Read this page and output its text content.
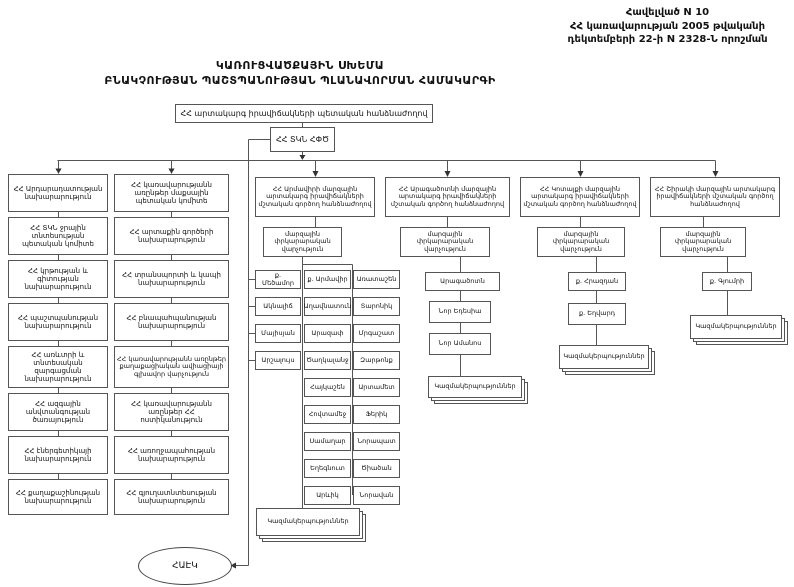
Հավելված N 10
ՀՀ կառավարության 2005 թվականի
դեկտեմբերի 22-ի N 2328-Ն որոշման
ԿԱՌՈՒՑՎԱԾՔԱՅԻՆ ՍԽԵՄԱ
ԲՆԱԿՉՈՒԹՅԱՆ ՊԱՇՏՊԱՆՈՒԹՅԱՆ ՊԼԱՆԱՎՈՐՄԱՆ ՀԱՄԱԿԱՐԳԻ
ՀՀ արտակարգ իրավիճակների պետական հանձնաժողով
ՀՀ ՏԿՆ ՀՓԾ
ՀՀ Արդարադատության նախարարություն
ՀՀ ՏԿՆ ջրային տնտեսության պետական կոմիտե
ՀՀ կրթության և գիտության նախարարություն
ՀՀ պաշտպանության նախարարություն
ՀՀ առևտրի և տնտեսական զարգացման նախարարություն
ՀՀ ազգային անվտանգության ծառայություն
ՀՀ էներգետիկայի նախարարություն
ՀՀ քաղաքաշինության նախարարություն
ՀՀ կառավարությանն առընթեր մաքսային պետական կոմիտե
ՀՀ արտաքին գործերի նախարարություն
ՀՀ տրանսպորտի և կապի նախարարություն
ՀՀ բնապահպանության նախարարություն
ՀՀ կառավարությանն առընթեր քաղաքացիական ավիացիայի գլխավոր վարչություն
ՀՀ կառավարությանն առընթեր ՀՀ ոստիկանություն
ՀՀ առողջապահության նախարարություն
ՀՀ գյուղատնտեսության նախարարություն
ՀՀ Արմավիրի մարզային արտակարգ իրավիճակների մշտական գործող հանձնաժողով
մարզային փրկարարական վարչություն
ք. Մեծամոր
Ակնալիճ
Մայիսյան
Արշալույս
ք. Արմավիր
Աղավնատուն
Արազափ
Ծաղկալանջ
Հայկաշեն
Հովտամեջ
Սամաղար
Եղեգնուտ
Արևիկ
Առատաշեն
Տարոնիկ
Մրգաշատ
Զարթոնք
Արտամետ
Ֆերիկ
Նորապատ
Ծիածան
Նորավան
Կազմակերպություններ
ՀՀ Արագածոտնի մարզային արտակարգ իրավիճակների մշտական գործող հանձնաժողով
մարզային փրկարարական վարչություն
Արագածոտն
Նոր Եդեսիա
Նոր Ամանոս
Կազմակերպություններ
ՀՀ Կոտայքի մարզային արտակարգ իրավիճակների մշտական գործող հանձնաժողով
մարզային փրկարարական վարչություն
ք. Հրազդան
ք. Եղվարդ
Կազմակերպություններ
ՀՀ Շիրակի մարզային արտակարգ իրավիճակների մշտական գործող հանձնաժողով
մարզային փրկարարական վարչություն
ք. Գյումրի
Կազմակերպություններ
ՀԱԷԿ
